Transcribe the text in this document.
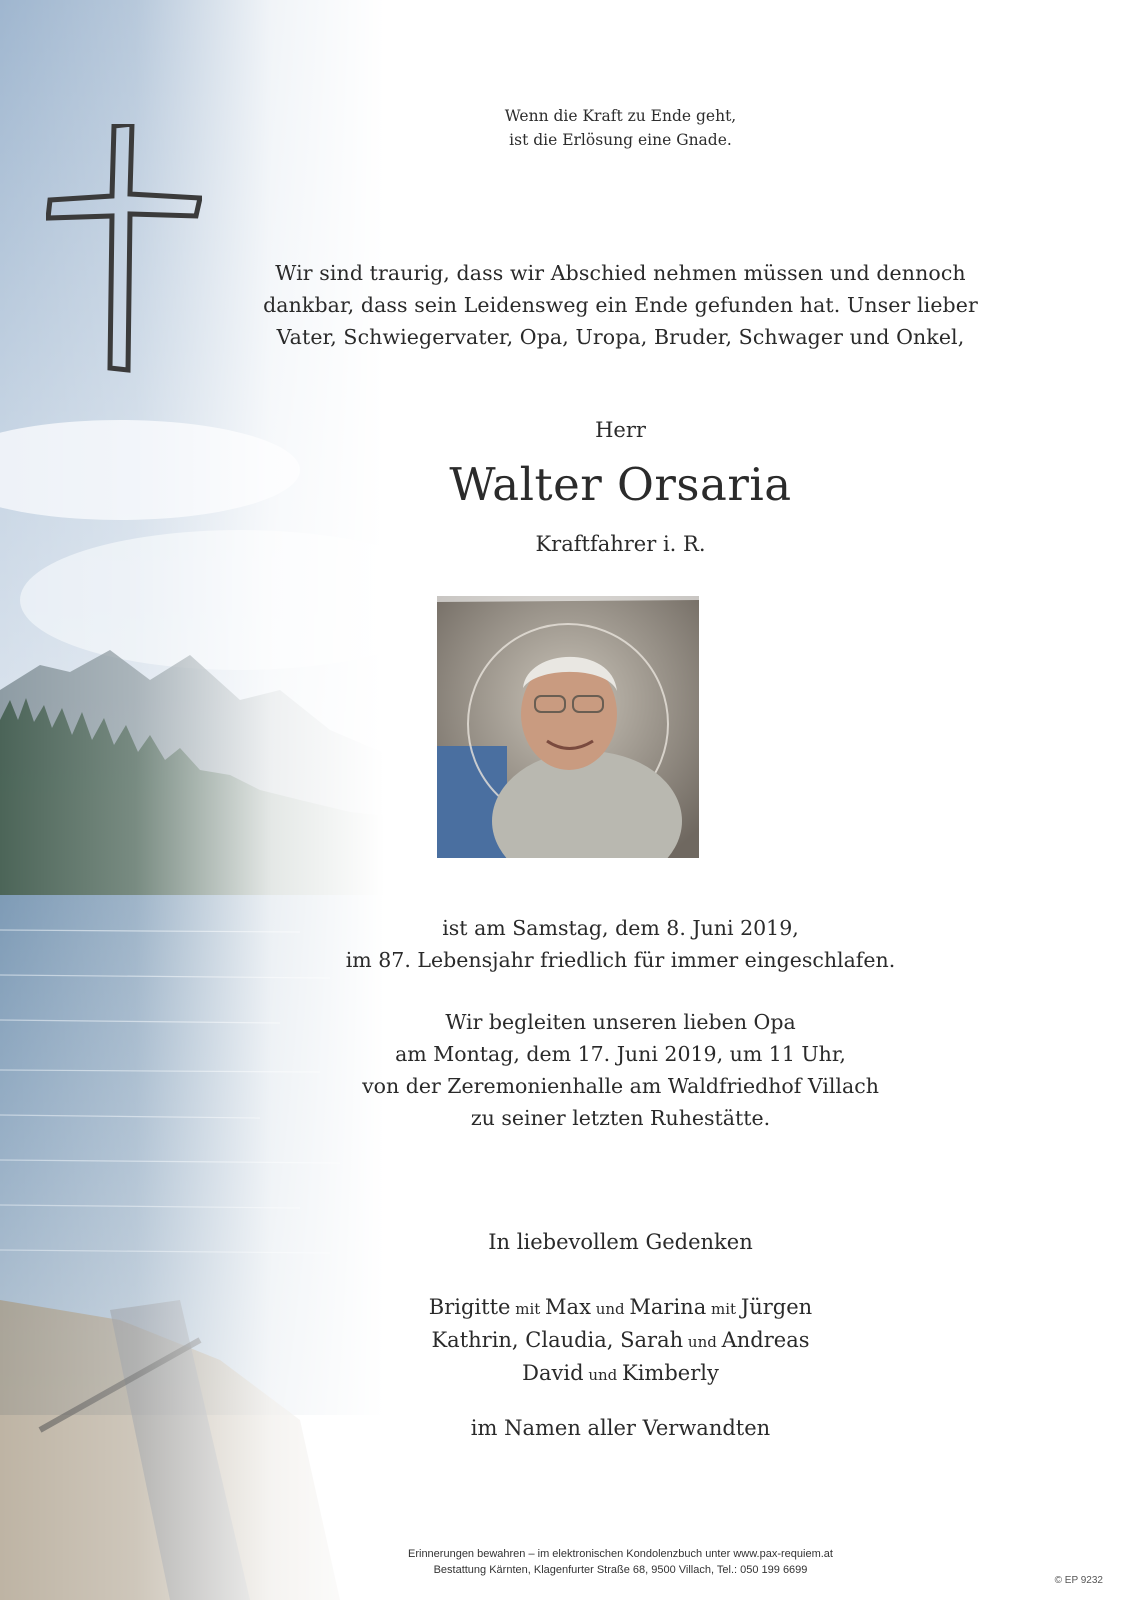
Wenn die Kraft zu Ende geht,
ist die Erlösung eine Gnade.

Wir sind traurig, dass wir Abschied nehmen müssen und dennoch
dankbar, dass sein Leidensweg ein Ende gefunden hat. Unser lieber
Vater, Schwiegervater, Opa, Uropa, Bruder, Schwager und Onkel,

Herr

Walter Orsaria

Kraftfahrer i. R.

ist am Samstag, dem 8. Juni 2019,
im 87. Lebensjahr friedlich für immer eingeschlafen.

Wir begleiten unseren lieben Opa
am Montag, dem 17. Juni 2019, um 11 Uhr,
von der Zeremonienhalle am Waldfriedhof Villach
zu seiner letzten Ruhestätte.

In liebevollem Gedenken

Brigitte mit Max und Marina mit Jürgen
Kathrin, Claudia, Sarah und Andreas
David und Kimberly

im Namen aller Verwandten

Erinnerungen bewahren – im elektronischen Kondolenzbuch unter www.pax-requiem.at
Bestattung Kärnten, Klagenfurter Straße 68, 9500 Villach, Tel.: 050 199 6699

© EP 9232
